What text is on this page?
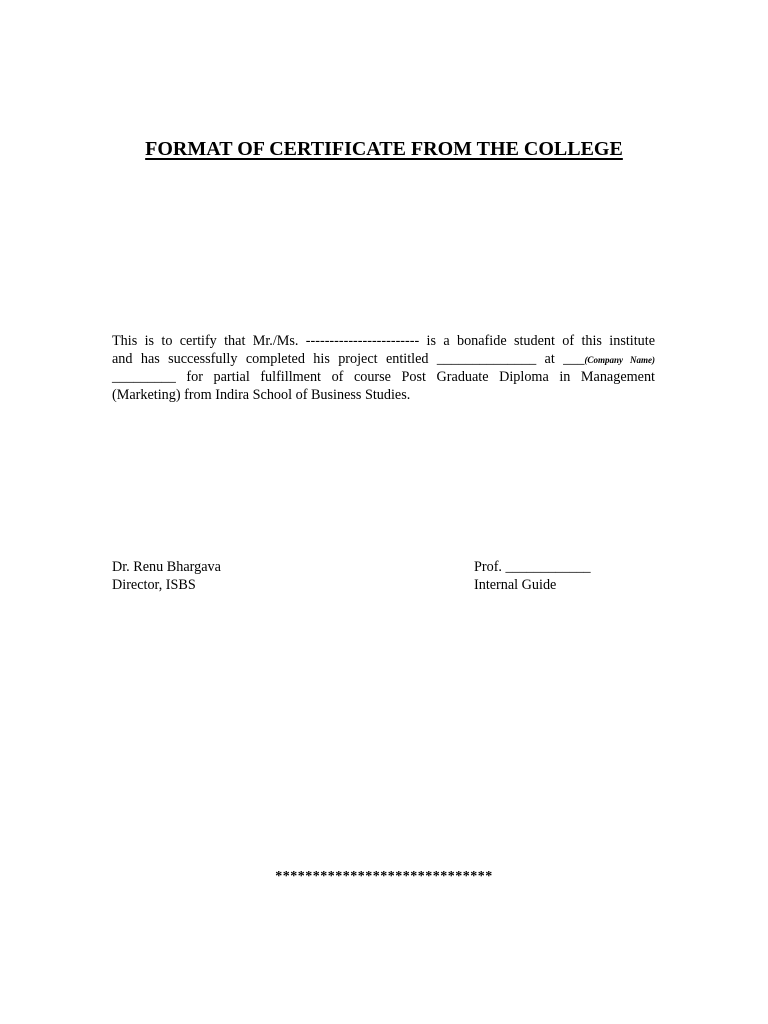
FORMAT OF CERTIFICATE FROM THE COLLEGE
This is to certify that Mr./Ms. ------------------------ is a bonafide student of this institute
and has successfully completed his project entitled ______________ at ___(Company Name)
_________ for partial fulfillment of course Post Graduate Diploma in Management
(Marketing) from Indira School of Business Studies.
Dr. Renu Bhargava
Director, ISBS
Prof. ____________
Internal Guide
*****************************
